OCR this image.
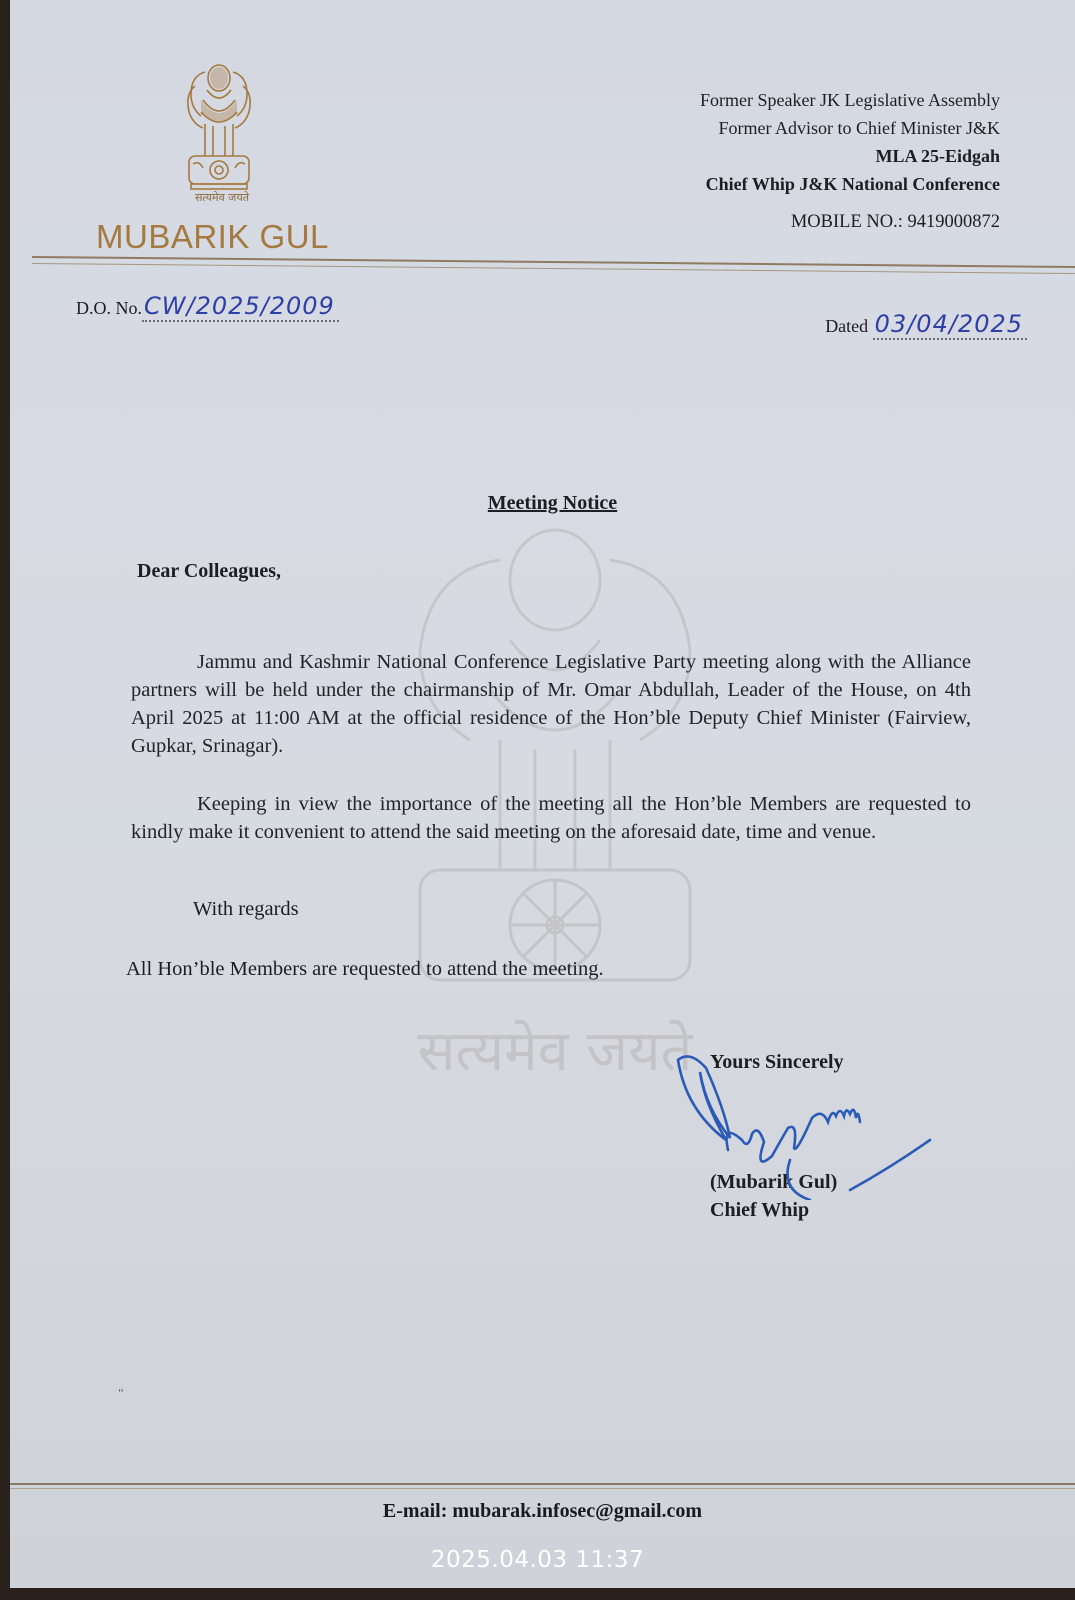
सत्यमेव जयते
MUBARIK GUL
Former Speaker JK Legislative Assembly
Former Advisor to Chief Minister J&K
MLA 25-Eidgah
Chief Whip J&K National Conference
MOBILE NO.: 9419000872
D.O. No. CW/2025/2009
Dated
03/04/2025
सत्यमेव जयते
Meeting Notice
Dear Colleagues,
Jammu and Kashmir National Conference Legislative Party meeting along with the Alliance partners will be held under the chairmanship of Mr. Omar Abdullah, Leader of the House, on 4th April 2025 at 11:00 AM at the official residence of the Hon’ble Deputy Chief Minister (Fairview, Gupkar, Srinagar).
Keeping in view the importance of the meeting all the Hon’ble Members are requested to kindly make it convenient to attend the said meeting on the aforesaid date, time and venue.
With regards
All Hon’ble Members are requested to attend the meeting.
Yours Sincerely
(Mubarik Gul)
Chief Whip
‘‘
E-mail: mubarak.infosec@gmail.com
2025.04.03 11:37
